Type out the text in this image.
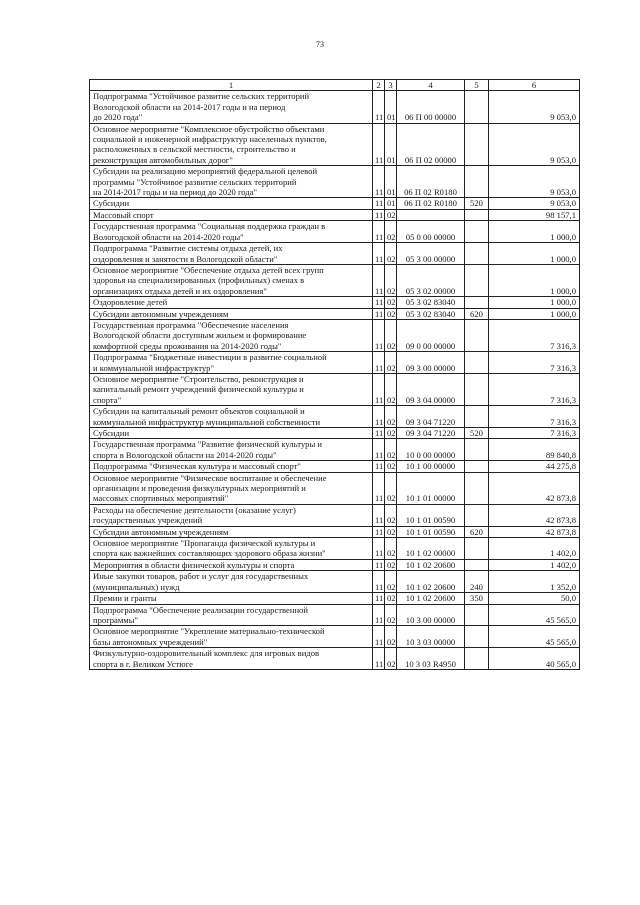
73
1	2	3	4	5	6
Подпрограмма "Устойчивое развитие сельских территорий
Вологодской области на 2014-2017 годы и на период
до 2020 года"	11	01	06 П 00 00000		9 053,0
Основное мероприятие "Комплексное обустройство объектами
социальной и инженерной инфраструктур населенных пунктов,
расположенных в сельской местности, строительство и
реконструкция автомобильных дорог"	11	01	06 П 02 00000		9 053,0
Субсидии на реализацию мероприятий федеральной целевой
программы "Устойчивое развитие сельских территорий
на 2014-2017 годы и на период до 2020 года"	11	01	06 П 02 R0180		9 053,0
Субсидии	11	01	06 П 02 R0180	520	9 053,0
Массовый спорт	11	02			98 157,1
Государственная программа "Социальная поддержка граждан в
Вологодской области на 2014-2020 годы"	11	02	05 0 00 00000		1 000,0
Подпрограмма "Развитие системы отдыха детей, их
оздоровления и занятости в Вологодской области"	11	02	05 3 00 00000		1 000,0
Основное мероприятие "Обеспечение отдыха детей всех групп
здоровья на специализированных (профильных) сменах в
организациях отдыха детей и их оздоровления"	11	02	05 3 02 00000		1 000,0
Оздоровление детей	11	02	05 3 02 83040		1 000,0
Субсидии автономным учреждениям	11	02	05 3 02 83040	620	1 000,0
Государственная программа "Обеспечение населения
Вологодской области доступным жильем и формирование
комфортной среды проживания на 2014-2020 годы"	11	02	09 0 00 00000		7 316,3
Подпрограмма "Бюджетные инвестиции в развитие социальной
и коммунальной инфраструктур"	11	02	09 3 00 00000		7 316,3
Основное мероприятие "Строительство, реконструкция и
капитальный ремонт учреждений физической культуры и
спорта"	11	02	09 3 04 00000		7 316,3
Субсидии на капитальный ремонт объектов социальной и
коммунальной инфраструктур муниципальной собственности	11	02	09 3 04 71220		7 316,3
Субсидии	11	02	09 3 04 71220	520	7 316,3
Государственная программа "Развитие физической культуры и
спорта в Вологодской области на 2014-2020 годы"	11	02	10 0 00 00000		89 840,8
Подпрограмма "Физическая культура и массовый спорт"	11	02	10 1 00 00000		44 275,8
Основное мероприятие "Физическое воспитание и обеспечение
организации и проведения физкультурных мероприятий и
массовых спортивных мероприятий"	11	02	10 1 01 00000		42 873,8
Расходы на обеспечение деятельности (оказание услуг)
государственных учреждений	11	02	10 1 01 00590		42 873,8
Субсидии автономным учреждениям	11	02	10 1 01 00590	620	42 873,8
Основное мероприятие "Пропаганда физической культуры и
спорта как важнейших составляющих здорового образа жизни"	11	02	10 1 02 00000		1 402,0
Мероприятия в области физической культуры и спорта	11	02	10 1 02 20600		1 402,0
Иные закупки товаров, работ и услуг для государственных
(муниципальных) нужд	11	02	10 1 02 20600	240	1 352,0
Премии и гранты	11	02	10 1 02 20600	350	50,0
Подпрограмма "Обеспечение реализации государственной
программы"	11	02	10 3 00 00000		45 565,0
Основное мероприятие "Укрепление материально-технической
базы автономных учреждений"	11	02	10 3 03 00000		45 565,0
Физкультурно-оздоровительный комплекс для игровых видов
спорта в г. Великом Устюге	11	02	10 3 03 R4950		40 565,0
